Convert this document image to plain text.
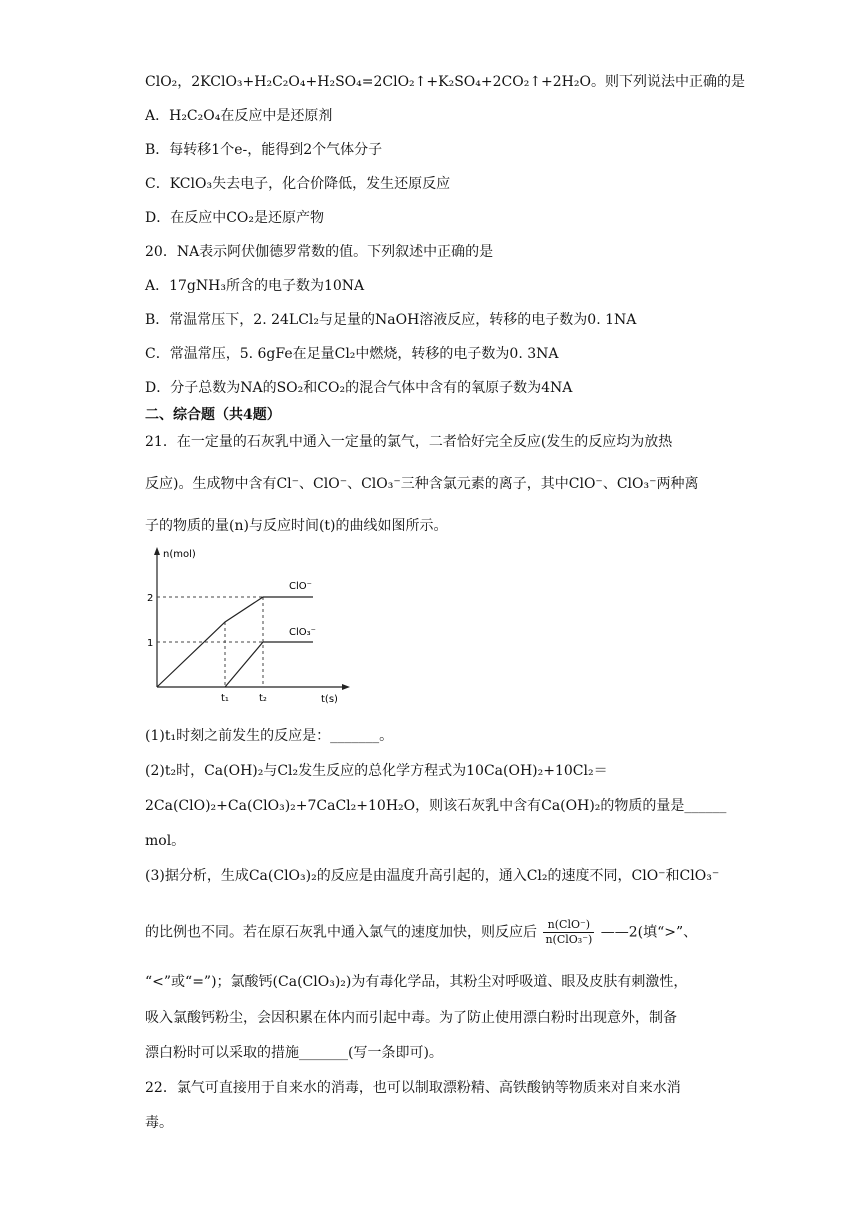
ClO₂，2KClO₃+H₂C₂O₄+H₂SO₄=2ClO₂↑+K₂SO₄+2CO₂↑+2H₂O。则下列说法中正确的是
A．H₂C₂O₄在反应中是还原剂
B．每转移1个e-，能得到2个气体分子
C．KClO₃失去电子，化合价降低，发生还原反应
D．在反应中CO₂是还原产物
20．NA表示阿伏伽德罗常数的值。下列叙述中正确的是
A．17gNH₃所含的电子数为10NA
B．常温常压下，2. 24LCl₂与足量的NaOH溶液反应，转移的电子数为0. 1NA
C．常温常压，5. 6gFe在足量Cl₂中燃烧，转移的电子数为0. 3NA
D．分子总数为NA的SO₂和CO₂的混合气体中含有的氧原子数为4NA
二、综合题（共4题）
21．在一定量的石灰乳中通入一定量的氯气，二者恰好完全反应(发生的反应均为放热
反应)。生成物中含有Cl⁻、ClO⁻、ClO₃⁻三种含氯元素的离子，其中ClO⁻、ClO₃⁻两种离
子的物质的量(n)与反应时间(t)的曲线如图所示。
n(mol)
t(s)
2
1
t₁	t₂
ClO⁻
ClO₃⁻
(1)t₁时刻之前发生的反应是：_______。
(2)t₂时，Ca(OH)₂与Cl₂发生反应的总化学方程式为10Ca(OH)₂+10Cl₂＝
2Ca(ClO)₂+Ca(ClO₃)₂+7CaCl₂+10H₂O，则该石灰乳中含有Ca(OH)₂的物质的量是______
mol。
(3)据分析，生成Ca(ClO₃)₂的反应是由温度升高引起的，通入Cl₂的速度不同，ClO⁻和ClO₃⁻
的比例也不同。若在原石灰乳中通入氯气的速度加快，则反应后 $\frac{\text{n(ClO⁻)}}{\text{n(ClO₃⁻)}}$ ——2(填“>”、
“<”或“=”)；氯酸钙(Ca(ClO₃)₂)为有毒化学品，其粉尘对呼吸道、眼及皮肤有刺激性，
吸入氯酸钙粉尘，会因积累在体内而引起中毒。为了防止使用漂白粉时出现意外，制备
漂白粉时可以采取的措施_______(写一条即可)。
22．氯气可直接用于自来水的消毒，也可以制取漂粉精、高铁酸钠等物质来对自来水消
毒。
